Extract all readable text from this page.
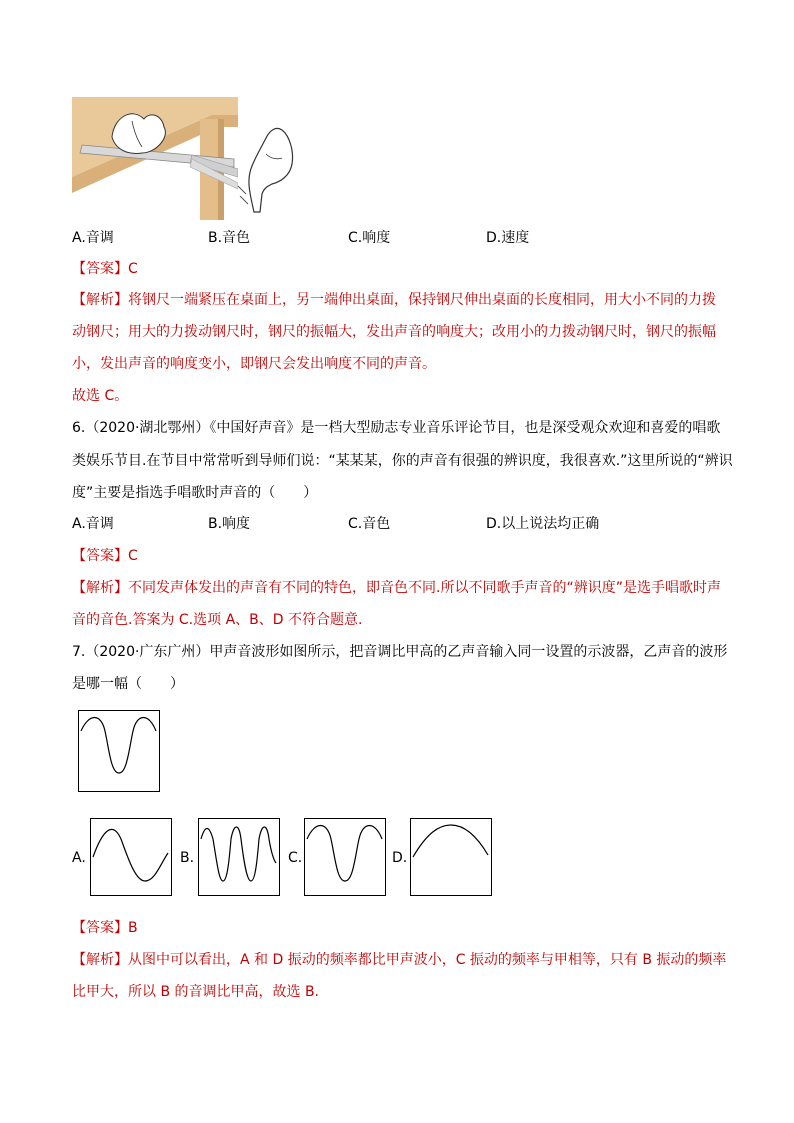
A.音调	B.音色	C.响度	D.速度
【答案】C
【解析】将钢尺一端紧压在桌面上，另一端伸出桌面，保持钢尺伸出桌面的长度相同，用大小不同的力拨
动钢尺；用大的力拨动钢尺时，钢尺的振幅大，发出声音的响度大；改用小的力拨动钢尺时，钢尺的振幅
小，发出声音的响度变小，即钢尺会发出响度不同的声音。
故选 C。
6.（2020·湖北鄂州）《中国好声音》是一档大型励志专业音乐评论节目，也是深受观众欢迎和喜爱的唱歌
类娱乐节目.在节目中常常听到导师们说：“某某某，你的声音有很强的辨识度，我很喜欢.”这里所说的“辨识
度”主要是指选手唱歌时声音的（　　）
A.音调	B.响度	C.音色	D.以上说法均正确
【答案】C
【解析】不同发声体发出的声音有不同的特色，即音色不同.所以不同歌手声音的“辨识度”是选手唱歌时声
音的音色.答案为 C.选项 A、B、D 不符合题意.
7.（2020·广东广州）甲声音波形如图所示，把音调比甲高的乙声音输入同一设置的示波器，乙声音的波形
是哪一幅（　　）
A.	B.	C.	D.
【答案】B
【解析】从图中可以看出，A 和 D 振动的频率都比甲声波小，C 振动的频率与甲相等，只有 B 振动的频率
比甲大，所以 B 的音调比甲高，故选 B.
